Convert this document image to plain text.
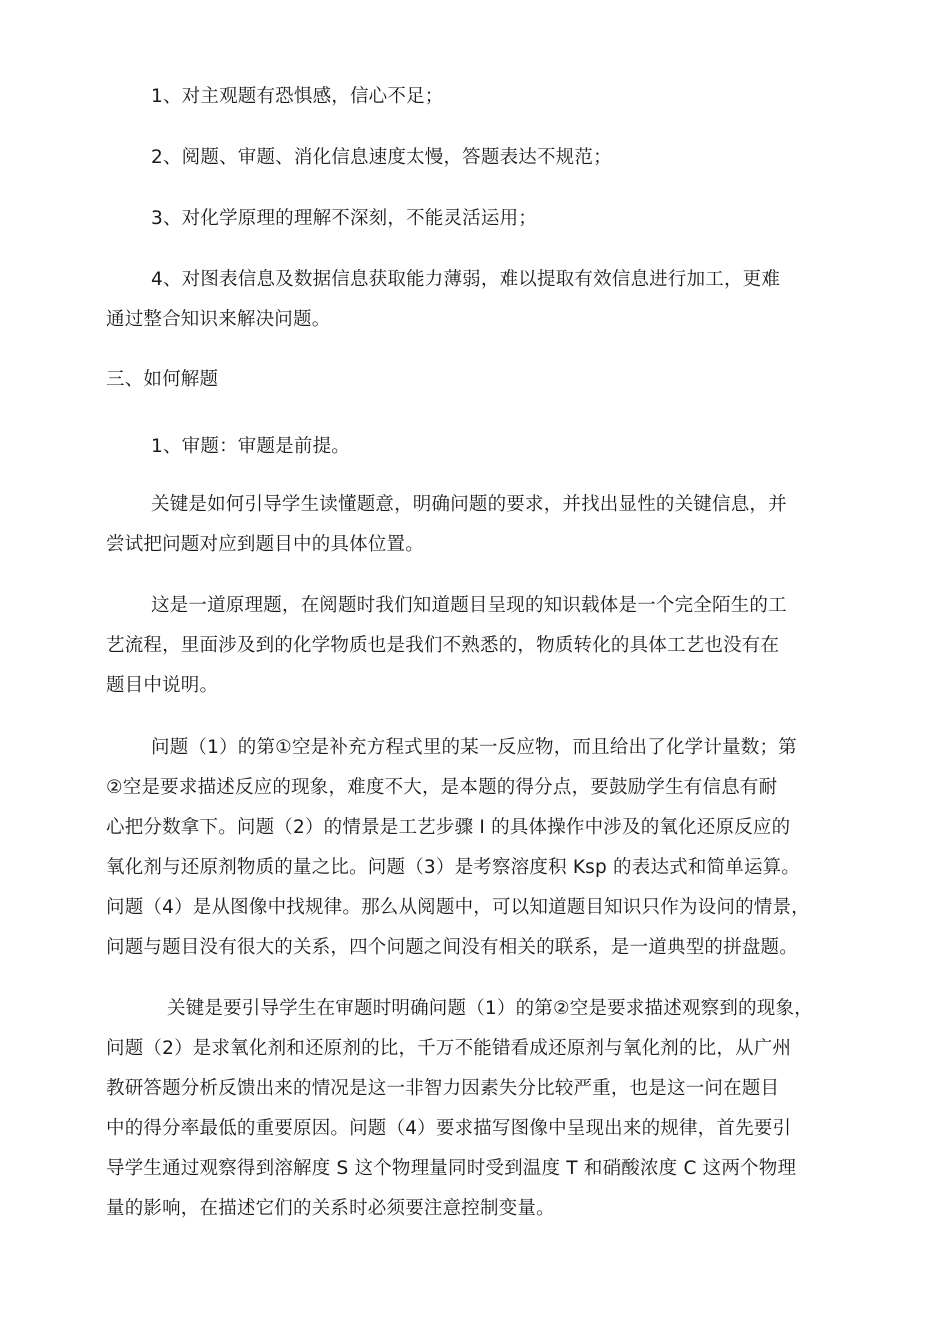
1、对主观题有恐惧感，信心不足；
2、阅题、审题、消化信息速度太慢，答题表达不规范；
3、对化学原理的理解不深刻，不能灵活运用；
4、对图表信息及数据信息获取能力薄弱，难以提取有效信息进行加工，更难
通过整合知识来解决问题。
三、如何解题
1、审题：审题是前提。
关键是如何引导学生读懂题意，明确问题的要求，并找出显性的关键信息，并
尝试把问题对应到题目中的具体位置。
这是一道原理题，在阅题时我们知道题目呈现的知识载体是一个完全陌生的工
艺流程，里面涉及到的化学物质也是我们不熟悉的，物质转化的具体工艺也没有在
题目中说明。
问题（1）的第①空是补充方程式里的某一反应物，而且给出了化学计量数；第
②空是要求描述反应的现象，难度不大，是本题的得分点，要鼓励学生有信息有耐
心把分数拿下。问题（2）的情景是工艺步骤 I 的具体操作中涉及的氧化还原反应的
氧化剂与还原剂物质的量之比。问题（3）是考察溶度积 Ksp 的表达式和简单运算。
问题（4）是从图像中找规律。那么从阅题中，可以知道题目知识只作为设问的情景，
问题与题目没有很大的关系，四个问题之间没有相关的联系，是一道典型的拼盘题。
关键是要引导学生在审题时明确问题（1）的第②空是要求描述观察到的现象，
问题（2）是求氧化剂和还原剂的比，千万不能错看成还原剂与氧化剂的比，从广州
教研答题分析反馈出来的情况是这一非智力因素失分比较严重，也是这一问在题目
中的得分率最低的重要原因。问题（4）要求描写图像中呈现出来的规律，首先要引
导学生通过观察得到溶解度 S 这个物理量同时受到温度 T 和硝酸浓度 C 这两个物理
量的影响，在描述它们的关系时必须要注意控制变量。
